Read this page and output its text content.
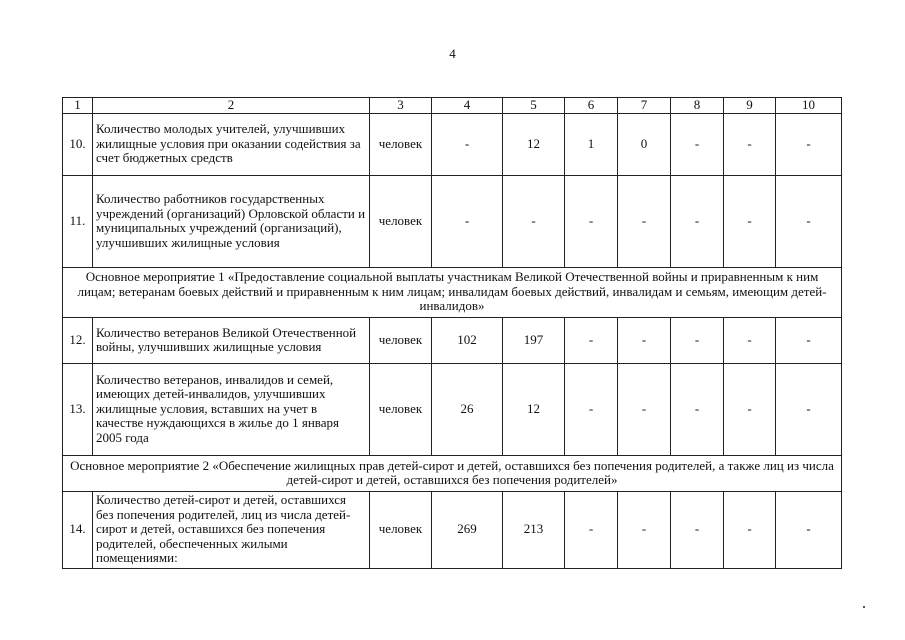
4
1	2	3	4	5	6	7	8	9	10
10.	Количество молодых учителей, улучшивших жилищные условия при оказании содействия за счет бюджетных средств	человек	-	12	1	0	-	-	-
11.	Количество работников государственных учреждений (организаций) Орловской области и муниципальных учреждений (организаций), улучшивших жилищные условия	человек	-	-	-	-	-	-	-
Основное мероприятие 1 «Предоставление социальной выплаты участникам Великой Отечественной войны и приравненным к ним лицам; ветеранам боевых действий и приравненным к ним лицам; инвалидам боевых действий, инвалидам и семьям, имеющим детей-инвалидов»									
12.	Количество ветеранов Великой Отечественной войны, улучшивших жилищные условия	человек	102	197	-	-	-	-	-
13.	Количество ветеранов, инвалидов и семей, имеющих детей-инвалидов, улучшивших жилищные условия, вставших на учет в качестве нуждающихся в жилье до 1 января 2005 года	человек	26	12	-	-	-	-	-
Основное мероприятие 2 «Обеспечение жилищных прав детей-сирот и детей, оставшихся без попечения родителей, а также лиц из числа детей-сирот и детей, оставшихся без попечения родителей»									
14.	Количество детей-сирот и детей, оставшихся без попечения родителей, лиц из числа детей-сирот и детей, оставшихся без попечения родителей, обеспеченных жилыми помещениями:	человек	269	213	-	-	-	-	-
